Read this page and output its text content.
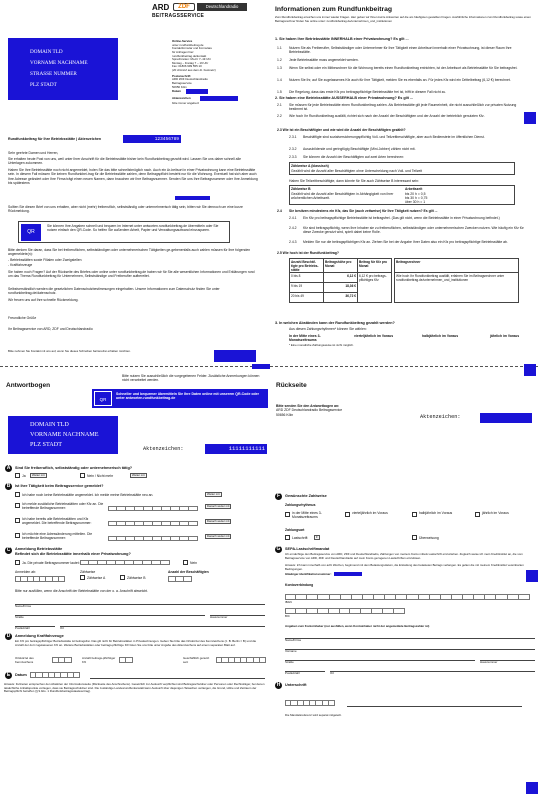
ARD	ZDF	Deutschlandradio
BEITRAGSSERVICE
DOMAIN TLD
VORNAME NACHNAME
STRASSE NUMMER
PLZ STADT
Online-Service
unter rundfunkbeitrag.de
Kontaktformular und Formulare
für Anfragen hier:
rundfunkbeitrag.de/kontakt
Sprechzeiten: Mo-Fr 7–19 Uhr
Montag – Freitag 7 – 19 Uhr
Fax: 01806 999 555 10
(20 ct/Anruf aus dem dt. Festnetz)
Postanschrift
ARD ZDF Deutschlandradio
Beitragsservice
50656 Köln
Datum
Aktenzeichen
bitte immer angeben!
Rundfunkbeitrag für Ihre Betriebsstätte | Aktenzeichen	123456789
Sehr geehrte Damen und Herren,
Sie erhalten heute Post von uns, weil unter Ihrer Anschrift für die Betriebsstätte bisher kein Rundfunkbeitrag gezahlt wird. Lassen Sie uns daher schnell alle Unterlagen zukommen.
Haben Sie Ihre Betriebsstätte noch nicht angemeldet, holen Sie das bitte schnellstmöglich nach. Auch ein Ar-beitsort in einer Privatwohnung kann eine Betriebsstätte sein. In diesem Fall müssen Sie keinen Rundfunkbei-trag für die Betriebsstätte zahlen, denn Beitragspflicht besteht nur für die Wohnung. Eventuell hat sich aber auch Ihre Adresse geändert oder Ihre Firma trägt einen neuen Namen, dann brauchen wir Ihre Beitragsnummer. Senden Sie uns Ihre Beitragsnummer oder Ihre Anmeldung bis spätestens
Sollten Sie diesen Brief von uns erhalten, aber nicht (mehr) freiberuflich, selbstständig oder unternehmerisch tätig sein, bitten wir Sie dennoch um eine kurze Rückmeldung.
QR
Sie können Ihre Angaben schnell und bequem im Internet unter antworten.rundfunkbeitrag.de übermitteln oder Sie nutzen einfach den QR-Code. So helfen Sie außerdem Arbeit, Papier und Verwaltungsaufwand einzusparen.
Bitte denken Sie daran, dass Sie bei freiberuflichen, selbstständigen oder unternehmerischen Tätigkeiten ge-gebenenfalls auch zahlen müssen für Ihre folgenden angemeldete(n):
- Betriebsstätten sowie Filialen oder Zweigstellen
- Kraftfahrzeuge
Sie haben noch Fragen? Auf der Rückseite des Briefes oder online unter rundfunkbeitrag.de haben wir für Sie alle wesentlichen Informationen und Erklärungen rund um das Thema Rundfunkbeitrag für Unternehmen, Selbstständige und Freiberufler aufbereitet.
Selbstverständlich werden die gesetzlichen Datenschutzbestimmungen eingehalten. Unsere Informationen zum Datenschutz finden Sie unter rundfunkbeitrag.de/datenschutz.
Wir freuen uns auf Ihre schnelle Rückmeldung.
Freundliche Grüße
Ihr Beitragsservice von ARD, ZDF und Deutschlandradio
Bitte nehmen Sie Kontakt mit uns auf, wenn Sie dieses Schreiben barrierefrei erhalten möchten.
Informationen zum Rundfunkbeitrag
Zum Rundfunkbeitrag erreichen uns immer wieder Fragen. Hier geben wir Ihnen kurze Antworten auf die am häufigsten gestellten Fragen. Ausführliche Informationen zum Rundfunkbeitrag sowie einen Beitragsrechner finden Sie online unter: rundfunkbeitrag.de/unternehmen_und_institutionen
1. Sie haben Ihre Betriebsstätte INNERHALB einer Privatwohnung? Es gilt ...
1.1 Nutzen Sie als Freiberufler, Selbstständiger oder Unternehmer für Ihre Tätigkeit einen Arbeitsort innerhalb einer Privatwohnung, ist dieser Raum Ihre Betriebsstätte.
1.2 Jede Betriebsstätte muss angemeldet werden.
1.3 Wenn Sie selbst oder ein Mitbewohner für die Wohnung bereits einen Rundfunkbeitrag entrichten, ist der Arbeitsort als Betriebsstätte für Sie beitragsfrei.
1.4 Nutzen Sie Ihr, auf Sie zugelassenes Kfz auch für Ihre Tätigkeit, melden Sie es ebenfalls an. Für jedes Kfz wird ein Drittelbeitrag (6,12 €) berechnet.
1.5 Die Regelung, dass das erste Kfz pro beitragspflichtige Betriebsstätte frei ist, trifft in diesem Fall nicht zu.
2. Sie haben eine Betriebsstätte AUSSERHALB einer Privatwohnung? Es gilt ...
2.1 Sie müssen für jede Betriebsstätte einen Rundfunkbeitrag zahlen. Als Betriebsstätte gilt jede Raumeinheit, die nicht ausschließlich zur privaten Nutzung bestimmt ist.
2.2 Wie hoch Ihr Rundfunkbeitrag ausfällt, richtet sich nach der Anzahl der Beschäftigten und der Anzahl der betrieblich genutzten Kfz.
2.3 Wie ist ein Beschäftigter und wie wird die Anzahl der Beschäftigten gezählt?
2.3.1 Beschäftigte sind sozialversicherungspflichtig Voll- und Teilzeitbeschäftigte, aber auch Bedienstete im öffentlichen Dienst.
2.3.2 Auszubildende und geringfügig Beschäftigte (Mini-Jobber) zählen nicht mit.
2.3.3 Sie können die Anzahl der Beschäftigten auf zwei Arten berechnen:
Zählweise A (klassisch)
Gezählt wird die Anzahl aller Beschäftigten ohne Unterscheidung nach Voll- und Teilzeit
Haben Sie Teilzeitbeschäftigte, dann könnte für Sie auch Zählweise B interessant sein:
Zählweise B
Gezählt wird die Anzahl aller Beschäftigten in Abhängigkeit von ihrer wöchentlichen Arbeitszeit.
Arbeitszeit
bis 20 h = 0,5
bis 30 h = 0,75
über 30 h = 1
2.4 Sie besitzen mindestens ein Kfz, das Sie (auch zeitweise) für Ihre Tätigkeit nutzen? Es gilt ...
2.4.1 Ein Kfz pro beitragspflichtige Betriebsstätte ist beitragsfrei. (Das gilt nicht, wenn die Betriebsstätte in einer Privatwohnung befindet.)
2.4.2 Kfz sind beitragspflichtig, wenn Ihre Inhaber sie zu freiberuflichen, selbstständigen oder unternehmerischen Zwecken nutzen. Wie häufig ein Kfz für diese Zwecke genutzt wird, spielt dabei keine Rolle.
2.4.3 Melden Sie nur die beitragspflichtigen Kfz an. Ziehen Sie bei der Angabe Ihrer Daten also ein Kfz pro beitragspflichtige Betriebsstätte ab.
2.5 Wie hoch ist der Rundfunkbeitrag?
Anzahl Beschäf-tigte pro Betriebs-stätte	Beitragshöhe pro Monat	Beitrag für Kfz pro Monat		Beitragsrechner
0 bis 8	6,12 €	6,12 € pro beitrags-pflichtiges Kfz		Wie hoch Ihr Rundfunkbeitrag ausfällt, erfahren Sie im Beitragsrechner unter rundfunkbeitrag.de/unternehmen_und_institutionen
9 bis 19	18,36 €			
20 bis 49	36,72 €			
3. In welchen Abständen kann der Rundfunkbeitrag gezahlt werden?
Aus diesen Zahlungsrhythmen* können Sie wählen:
In der Mitte eines 3-Monatszeitraums
vierteljährlich im Voraus	halbjährlich im Voraus	jährlich im Voraus
* Eine monatliche Zahlungsweise ist nicht möglich.
Antwortbogen
Bitte nutzen Sie ausschließlich die vorgegebenen Felder. Zusätzliche Anmerkungen können nicht verarbeitet werden.
QR
Schneller und bequemer übermitteln Sie Ihre Daten online mit unserem QR-Code oder unter antworten.rundfunkbeitrag.de
DOMAIN TLD
VORNAME NACHNAME
PLZ STADT
Aktenzeichen:	11111111111
A	Sind Sie freiberuflich, selbstständig oder unternehmerisch tätig?
Ja	Weiter mit	Nein / Nicht mehr	Weiter mit
B	Ist Ihre Tätigkeit beim Beitragsservice gemeldet?
Ich habe noch keine Betriebsstätte angemeldet. Ich melde meine Betriebsstätte neu an.	Weiter mit
Ich melde zusätzliche Betriebsstätten oder Kfz an. Die betreffende Beitragsnummer:
Danach weiter mit
Ich habe bereits alle Betriebsstätten und Kfz angemeldet. Die betreffende Beitragsnummer:
Danach weiter mit
Ich möchte eine Adressänderung mitteilen. Die betreffende Beitragsnummer:
Danach weiter mit
C	Anmeldung Betriebsstätte
Befindet sich die Betriebsstätte innerhalb einer Privatwohnung?
Ja. Die private Beitragsnummer lautet:	Nein
Anmelden ab:	Zählweise	Anzahl der Beschäftigten
Zählweise A	Zählweise B
Bitte nur ausfüllen, wenn die Anschrift der Betriebsstätte von der o. a. Anschrift abweicht.
Name/Firma
Straße	Hausnummer
Postleitzahl	Ort
D	Anmeldung Kraftfahrzeuge
Ein Kfz pro beitragspflichtiger Betriebsstätte ist beitragsfrei. Das gilt nicht für Betriebsstätten in Privatwohnungen. Geben Sie bitte das Ortskürzel des Kennzeichens (z. B. Berlin = B) und die Anzahl der dort zugelassenen Kfz an. Weitere Betriebsstätten oder beitrags-pflichtige Kfz listen Sie uns bitte unter Angabe des Aktenzeichens auf einem separaten Blatt auf.
Ortskürzel des Kennzeichens
Anzahl beitrags-pflichtiger Kfz
Geschäftlich genutzt seit:
E	Datum
Hinweis: Fußnoten entsprechen den Absätzen der Informationsseite (Rückseite des Anschreibens). Gesetzlich zur Auskunft verpflichtet sind Beitragsschuldner oder Personen oder Rechtsträger, bei denen tatsächliche Anhaltspunkte vorliegen, dass sie Beitragsschuldner sind. Die zuständige Landesrundfunkanstalt kann Auskunft über diejenigen Tatsachen verlangen, die Grund, Höhe und Zeitraum der Beitragspflicht betreffen (§ 9 Abs. 1 Rundfunkbeitragsstaatsvertrag).
Rückseite
Bitte senden Sie den Antwortbogen an:
ARD ZDF Deutschlandradio Beitragsservice
50656 Köln	Aktenzeichen:
F	Gewünschte Zahlweise
Zahlungsrhythmus
in der Mitte eines 3-Monatszeitraums
vierteljährlich im Voraus	halbjährlich im Voraus	jährlich im Voraus
Zahlungsart
Lastschrift	F	Überweisung
G	SEPA-Lastschriftmandat
Ich ermächtige den Beitragsservice von ARD, ZDF und Deutschlandradio, Zahlungen von meinem Konto mittels Lastschrift einzuziehen. Zugleich weise ich mein Kreditinstitut an, die vom Beitragsservice von ARD, ZDF und Deutschlandradio auf mein Konto gezogenen Lastschriften einzulösen.
Hinweis: Ich kann innerhalb von acht Wochen, beginnend mit dem Belastungsdatum, die Erstattung des belasteten Betrags verlangen. Es gelten die mit meinem Kreditinstitut vereinbarten Bedingungen.
Gläubiger-Identifikationsnummer:
Kontoverbindung
IBAN
BIC
Angaben zum Kontoinhaber (nur ausfüllen, wenn Kontoinhaber nicht der angemeldete Beitragszahler ist)
Name/Firma
Vorname
Straße	Hausnummer
Postleitzahl	Ort
H	Unterschrift
Die Mandatsreferenz wird separat mitgeteilt.
